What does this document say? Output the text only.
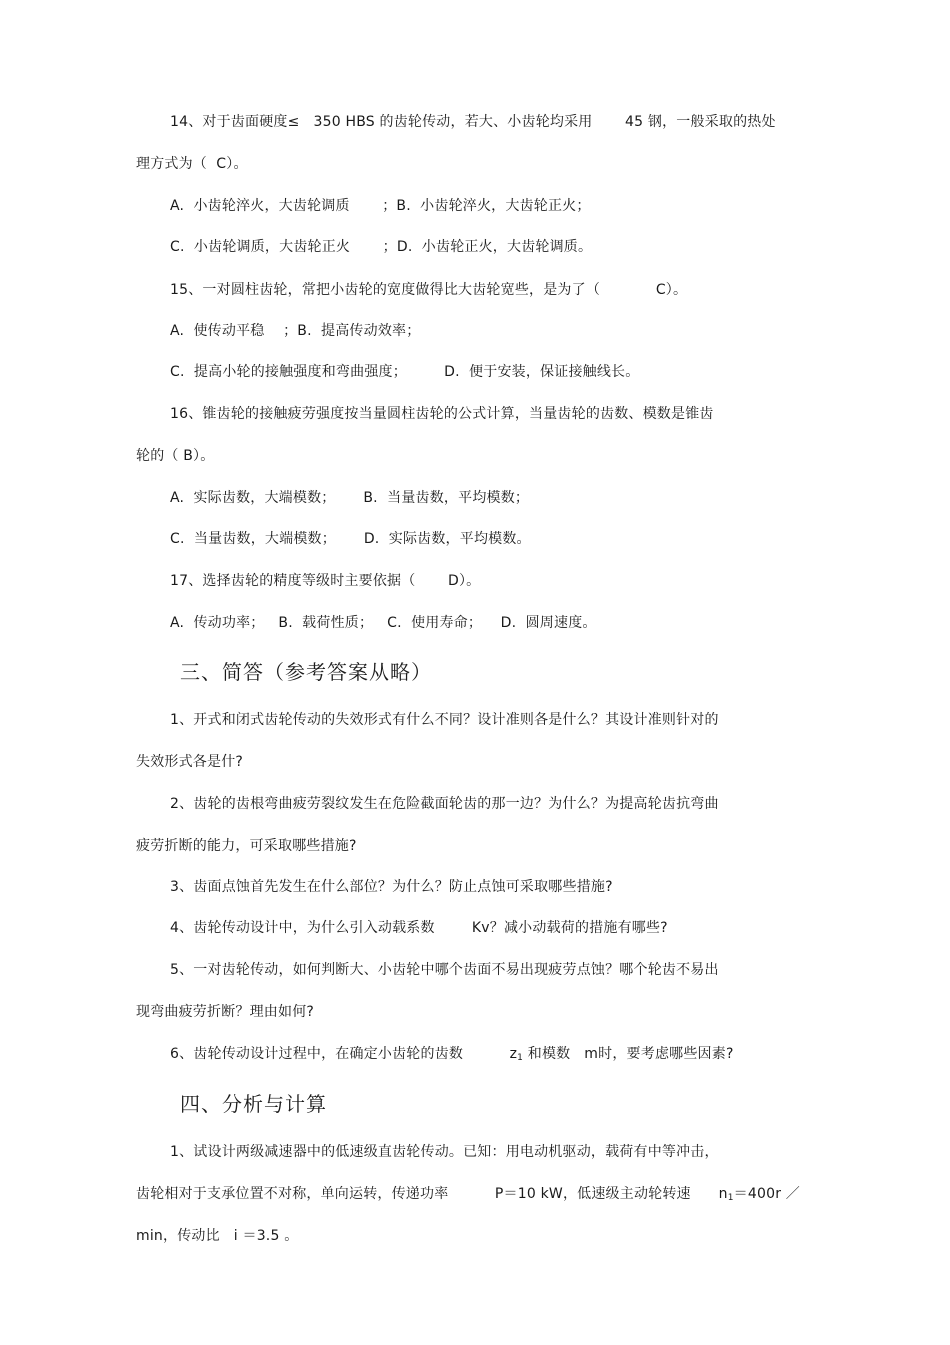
14、对于齿面硬度≤   350 HBS 的齿轮传动，若大、小齿轮均采用       45 钢，一般采取的热处
理方式为（  C）。
A.  小齿轮淬火，大齿轮调质       ；B.  小齿轮淬火，大齿轮正火；
C.  小齿轮调质，大齿轮正火       ；D.  小齿轮正火，大齿轮调质。
15、一对圆柱齿轮，常把小齿轮的宽度做得比大齿轮宽些，是为了（            C）。
A.  使传动平稳    ；B.  提高传动效率；
C.  提高小轮的接触强度和弯曲强度；        D.  便于安装，保证接触线长。
16、锥齿轮的接触疲劳强度按当量圆柱齿轮的公式计算，当量齿轮的齿数、模数是锥齿
轮的（ B）。
A.  实际齿数，大端模数；      B.  当量齿数，平均模数；
C.  当量齿数，大端模数；      D.  实际齿数，平均模数。
17、选择齿轮的精度等级时主要依据（       D）。
A.  传动功率；   B.  载荷性质；   C.  使用寿命；    D.  圆周速度。
三、简答（参考答案从略）
1、开式和闭式齿轮传动的失效形式有什么不同？设计准则各是什么？其设计准则针对的
失效形式各是什?
2、齿轮的齿根弯曲疲劳裂纹发生在危险截面轮齿的那一边？为什么？为提高轮齿抗弯曲
疲劳折断的能力，可采取哪些措施?
3、齿面点蚀首先发生在什么部位？为什么？防止点蚀可采取哪些措施?
4、齿轮传动设计中，为什么引入动载系数        Kv？减小动载荷的措施有哪些?
5、一对齿轮传动，如何判断大、小齿轮中哪个齿面不易出现疲劳点蚀？哪个轮齿不易出
现弯曲疲劳折断？理由如何?
6、齿轮传动设计过程中，在确定小齿轮的齿数          $z_1$ 和模数   m时，要考虑哪些因素?
四、分析与计算
1、试设计两级减速器中的低速级直齿轮传动。已知：用电动机驱动，载荷有中等冲击，
齿轮相对于支承位置不对称，单向运转，传递功率          P＝10 kW，低速级主动轮转速      $n_1=400r$ ／
min，传动比   i ＝3.5 。
